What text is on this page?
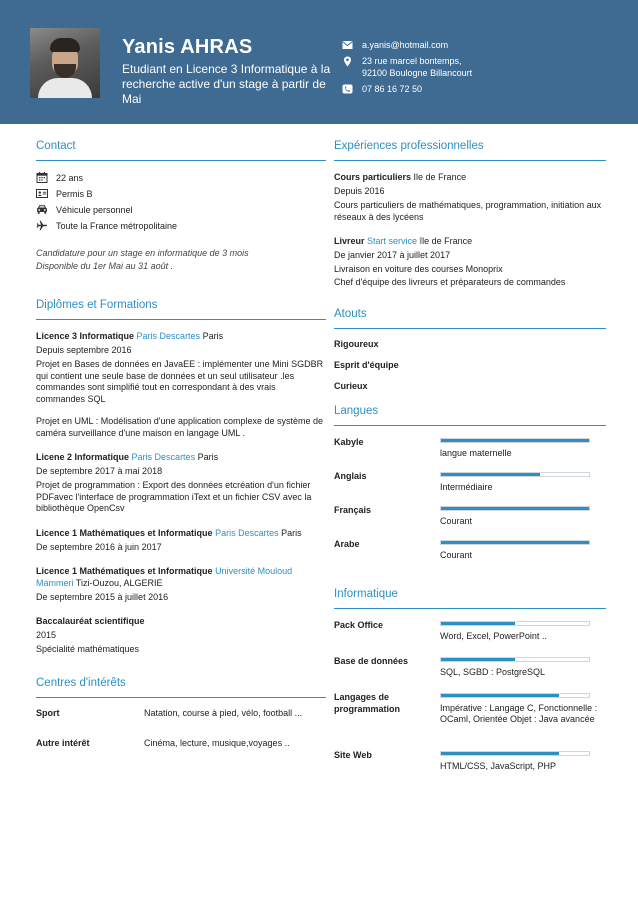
Yanis AHRAS
Etudiant en Licence 3 Informatique à la recherche active d'un stage à partir de Mai
a.yanis@hotmail.com
23 rue marcel bontemps,
92100 Boulogne Billancourt
07 86 16 72 50
Contact
22 ans
Permis B
Véhicule personnel
Toute la France métropolitaine
Candidature pour un stage en informatique de 3 mois
Disponible du 1er Mai au 31 août .
Diplômes et Formations
Licence 3 Informatique Paris Descartes Paris
Depuis septembre 2016
Projet en Bases de données en JavaEE : implémenter une Mini SGDBR qui contient une seule base de données et un seul utilisateur .les commandes sont simplifié tout en correspondant à des vrais commandes SQL
Projet en UML : Modélisation d'une application complexe de système de caméra surveillance d'une maison en langage UML .
Licene 2 Informatique Paris Descartes Paris
De septembre 2017 à mai 2018
Projet de programmation : Export des données etcréation d'un fichier PDFavec l'interface de programmation iText et un fichier CSV avec la bibliothèque OpenCsv
Licence 1 Mathématiques et Informatique Paris Descartes Paris
De septembre 2016 à juin 2017
Licence 1 Mathématiques et Informatique Université Mouloud Mammeri Tizi-Ouzou, ALGERIE
De septembre 2015 à juillet 2016
Baccalauréat scientifique
2015
Spécialité mathématiques
Centres d'intérêts
Sport	Natation, course à pied, vélo, football ...
Autre intérêt	Cinéma, lecture, musique,voyages ..
Expériences professionnelles
Cours particuliers Ile de France
Depuis 2016
Cours particuliers de mathématiques, programmation, initiation aux réseaux à des lycéens
Livreur Start service île de France
De janvier 2017 à juillet 2017
Livraison en voiture des courses Monoprix
Chef d'équipe des livreurs et préparateurs de commandes
Atouts
Rigoureux
Esprit d'équipe
Curieux
Langues
Kabyle
langue maternelle
Anglais
Intermédiaire
Français
Courant
Arabe
Courant
Informatique
Pack Office
Word, Excel, PowerPoint ..
Base de données
SQL, SGBD : PostgreSQL
Langages de programmation	Impérative : Langage C, Fonctionnelle : OCaml, Orientée Objet : Java avancée
Site Web
HTML/CSS, JavaScript, PHP
